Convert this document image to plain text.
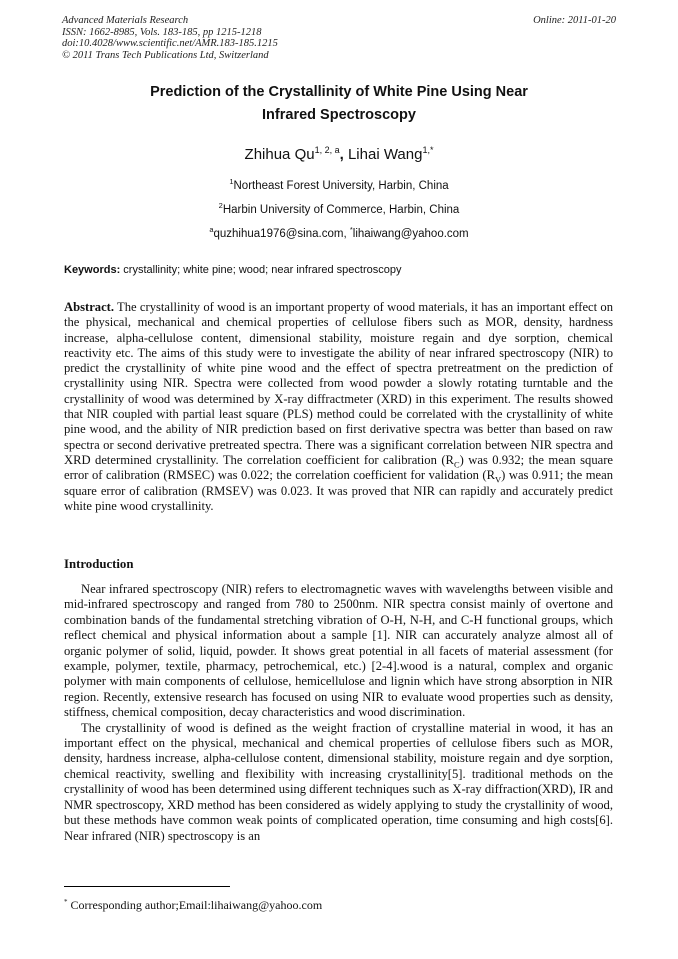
Advanced Materials Research
ISSN: 1662-8985, Vols. 183-185, pp 1215-1218
doi:10.4028/www.scientific.net/AMR.183-185.1215
© 2011 Trans Tech Publications Ltd, Switzerland
Online: 2011-01-20
Prediction of the Crystallinity of White Pine Using Near
Infrared Spectroscopy
Zhihua Qu$^{1, 2, a}$, Lihai Wang$^{1,*}$
$^1$Northeast Forest University, Harbin, China
$^2$Harbin University of Commerce, Harbin, China
$^a$quzhihua1976@sina.com, *lihaiwang@yahoo.com
Keywords: crystallinity; white pine; wood; near infrared spectroscopy
Abstract. The crystallinity of wood is an important property of wood materials, it has an important effect on the physical, mechanical and chemical properties of cellulose fibers such as MOR, density, hardness increase, alpha-cellulose content, dimensional stability, moisture regain and dye sorption, chemical reactivity etc. The aims of this study were to investigate the ability of near infrared spectroscopy (NIR) to predict the crystallinity of white pine wood and the effect of spectra pretreatment on the prediction of crystallinity using NIR. Spectra were collected from wood powder a slowly rotating turntable and the crystallinity of wood was determined by X-ray diffractmeter (XRD) in this experiment. The results showed that NIR coupled with partial least square (PLS) method could be correlated with the crystallinity of white pine wood, and the ability of NIR prediction based on first derivative spectra was better than based on raw spectra or second derivative pretreated spectra. There was a significant correlation between NIR spectra and XRD determined crystallinity. The correlation coefficient for calibration $(R_C)$ was 0.932; the mean square error of calibration (RMSEC) was 0.022; the correlation coefficient for validation $(R_V)$ was 0.911; the mean square error of calibration (RMSEV) was 0.023. It was proved that NIR can rapidly and accurately predict white pine wood crystallinity.
Introduction

Near infrared spectroscopy (NIR) refers to electromagnetic waves with wavelengths between visible and mid-infrared spectroscopy and ranged from 780 to 2500nm. NIR spectra consist mainly of overtone and combination bands of the fundamental stretching vibration of O-H, N-H, and C-H functional groups, which reflect chemical and physical information about a sample [1]. NIR can accurately analyze almost all of organic polymer of solid, liquid, powder. It shows great potential in all facets of material assessment (for example, polymer, textile, pharmacy, petrochemical, etc.) [2-4].wood is a natural, complex and organic polymer with main components of cellulose, hemicellulose and lignin which have strong absorption in NIR region. Recently, extensive research has focused on using NIR to evaluate wood properties such as density, stiffness, chemical composition, decay characteristics and wood discrimination.

The crystallinity of wood is defined as the weight fraction of crystalline material in wood, it has an important effect on the physical, mechanical and chemical properties of cellulose fibers such as MOR, density, hardness increase, alpha-cellulose content, dimensional stability, moisture regain and dye sorption, chemical reactivity, swelling and flexibility with increasing crystallinity[5]. traditional methods on the crystallinity of wood has been determined using different techniques such as X-ray diffraction(XRD), IR and NMR spectroscopy, XRD method has been considered as widely applying to study the crystallinity of wood, but these methods have common weak points of complicated operation, time consuming and high costs[6]. Near infrared (NIR) spectroscopy is an

* Corresponding author;Email:lihaiwang@yahoo.com
